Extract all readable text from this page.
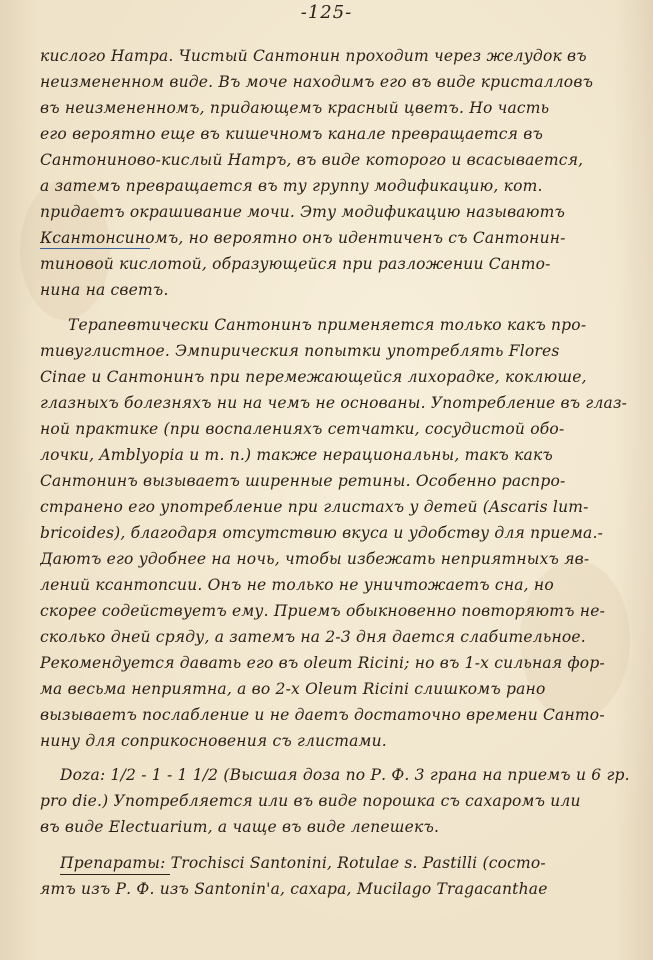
-125-
кислого Натра. Чистый Сантонин проходит через желудок въ
неизмененном виде. Въ моче находимъ его въ виде кристалловъ
въ неизмененномъ, придающемъ красный цветъ. Но часть
его вероятно еще въ кишечномъ канале превращается въ
Сантониново-кислый Натръ, въ виде которого и всасывается,
а затемъ превращается въ ту группу модификацию, кот.
придаетъ окрашивание мочи. Эту модификацию называютъ
Ксантонсиномъ, но вероятно онъ идентиченъ съ Сантонин-
тиновой кислотой, образующейся при разложении Санто-
нина на светъ.
Терапевтически Сантонинъ применяется только какъ про-
тивуглистное. Эмпирическия попытки употреблять Flores
Cinae и Сантонинъ при перемежающейся лихорадке, коклюше,
глазныхъ болезняхъ ни на чемъ не основаны. Употребление въ глаз-
ной практике (при воспаленияхъ сетчатки, сосудистой обо-
лочки, Amblyopia и т. п.) также нерациональны, такъ какъ
Сантонинъ вызываетъ ширенные ретины. Особенно распро-
странено его употребление при глистахъ у детей (Ascaris lum-
bricoides), благодаря отсутствию вкуса и удобству для приема.-
Даютъ его удобнее на ночь, чтобы избежать неприятныхъ яв-
лений ксантопсии. Онъ не только не уничтожаетъ сна, но
скорее содействуетъ ему. Приемъ обыкновенно повторяютъ не-
сколько дней сряду, а затемъ на 2-3 дня дается слабительное.
Рекомендуется давать его въ oleum Ricini; но въ 1-х сильная фор-
ма весьма неприятна, а во 2-х Oleum Ricini слишкомъ рано
вызываетъ послабление и не даетъ достаточно времени Санто-
нину для соприкосновения съ глистами.
Doza: 1/2 - 1 - 1 1/2 (Высшая доза по Р. Ф. 3 грана на приемъ и 6 гр.
pro die.) Употребляется или въ виде порошка съ сахаромъ или
въ виде Electuarium, а чаще въ виде лепешекъ.
Препараты: Trochisci Santonini, Rotulae s. Pastilli (состо-
ятъ изъ Р. Ф. изъ Santonin'а, сахара, Mucilago Tragacanthae
